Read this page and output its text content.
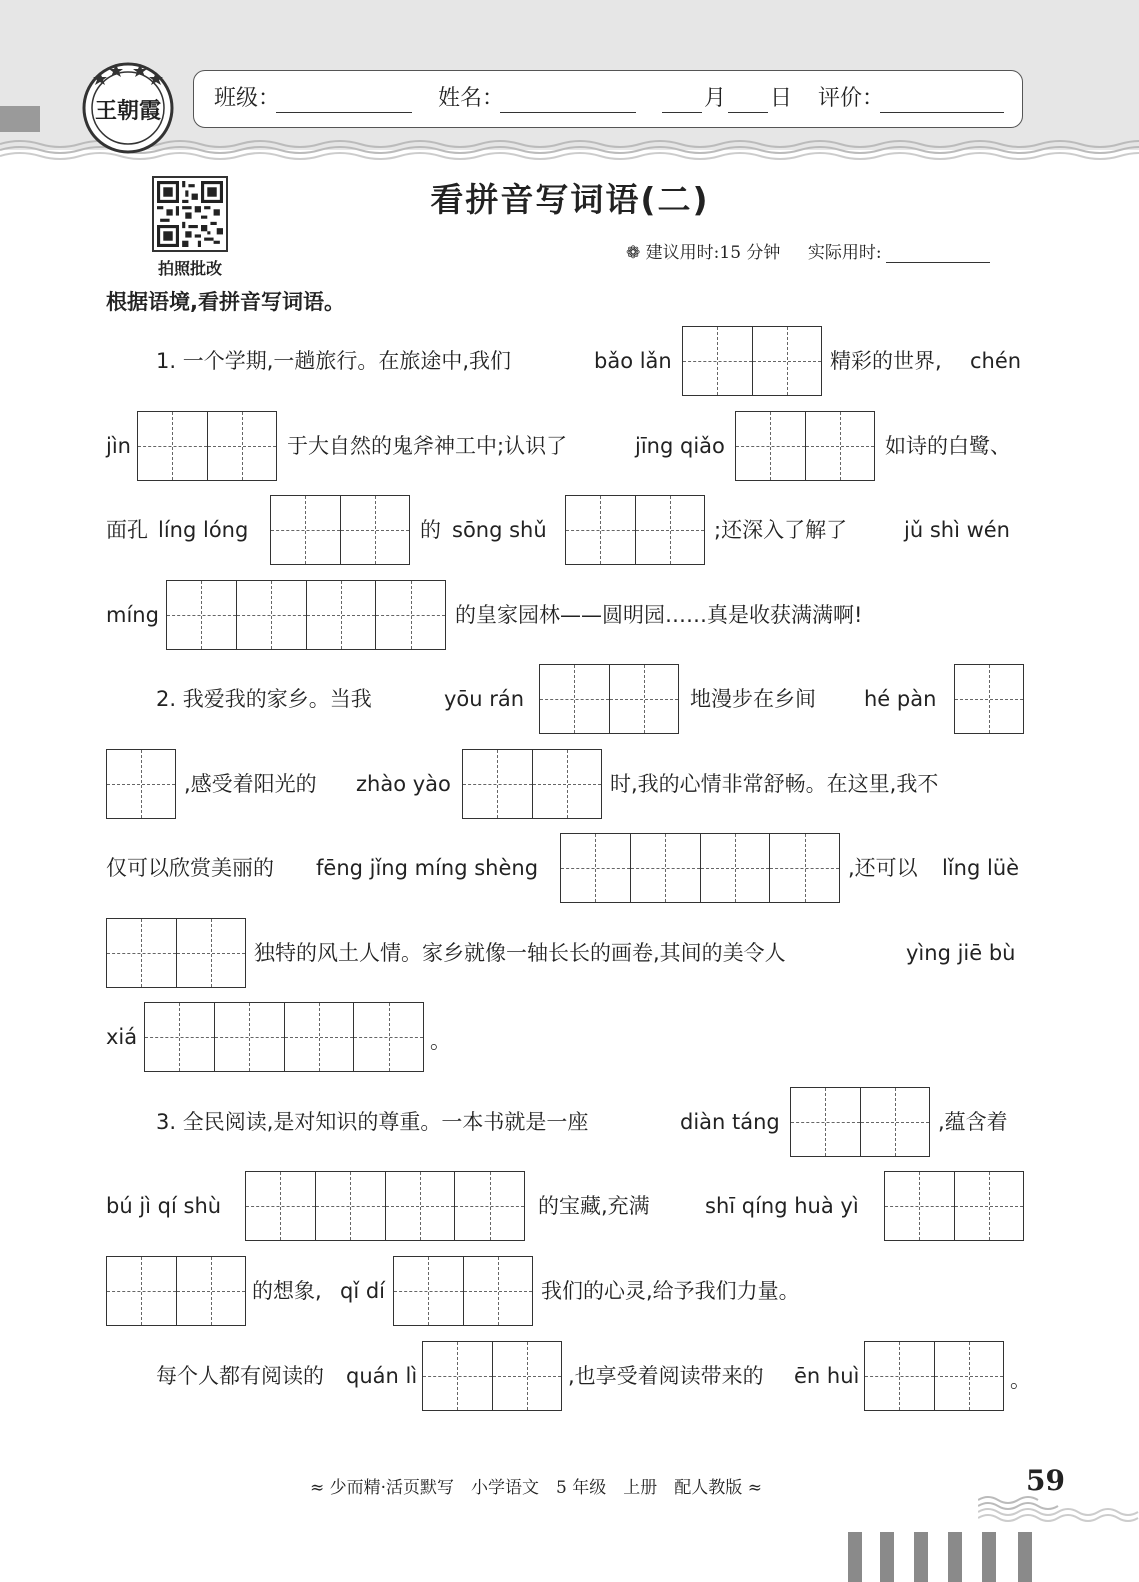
王朝霞 班级：	姓名：	月 日 评价：
拍照批改
看拼音写词语(二)
❁ 建议用时:15 分钟 实际用时:
根据语境,看拼音写词语。
1. 一个学期,一趟旅行。在旅途中,我们	bǎo lǎn	精彩的世界, chén
jìn	于大自然的鬼斧神工中;认识了	jīng qiǎo	如诗的白鹭、
面孔 líng lóng	的 sōng shǔ	;还深入了解了	jǔ shì wén
míng	的皇家园林——圆明园……真是收获满满啊!
2. 我爱我的家乡。当我	yōu rán	地漫步在乡间 hé pàn
,感受着阳光的 zhào yào	时,我的心情非常舒畅。在这里,我不
仅可以欣赏美丽的 fēng jǐng míng shèng	,还可以 lǐng lüè
独特的风土人情。家乡就像一轴长长的画卷,其间的美令人	yìng jiē bù
xiá	。
3. 全民阅读,是对知识的尊重。一本书就是一座	diàn táng	,蕴含着
bú jì qí shù	的宝藏,充满	shī qíng huà yì
的想象, qǐ dí	我们的心灵,给予我们力量。
每个人都有阅读的 quán lì	,也享受着阅读带来的 ēn huì	。
≈ 少而精·活页默写　小学语文　5 年级　上册　配人教版 ≈	59
